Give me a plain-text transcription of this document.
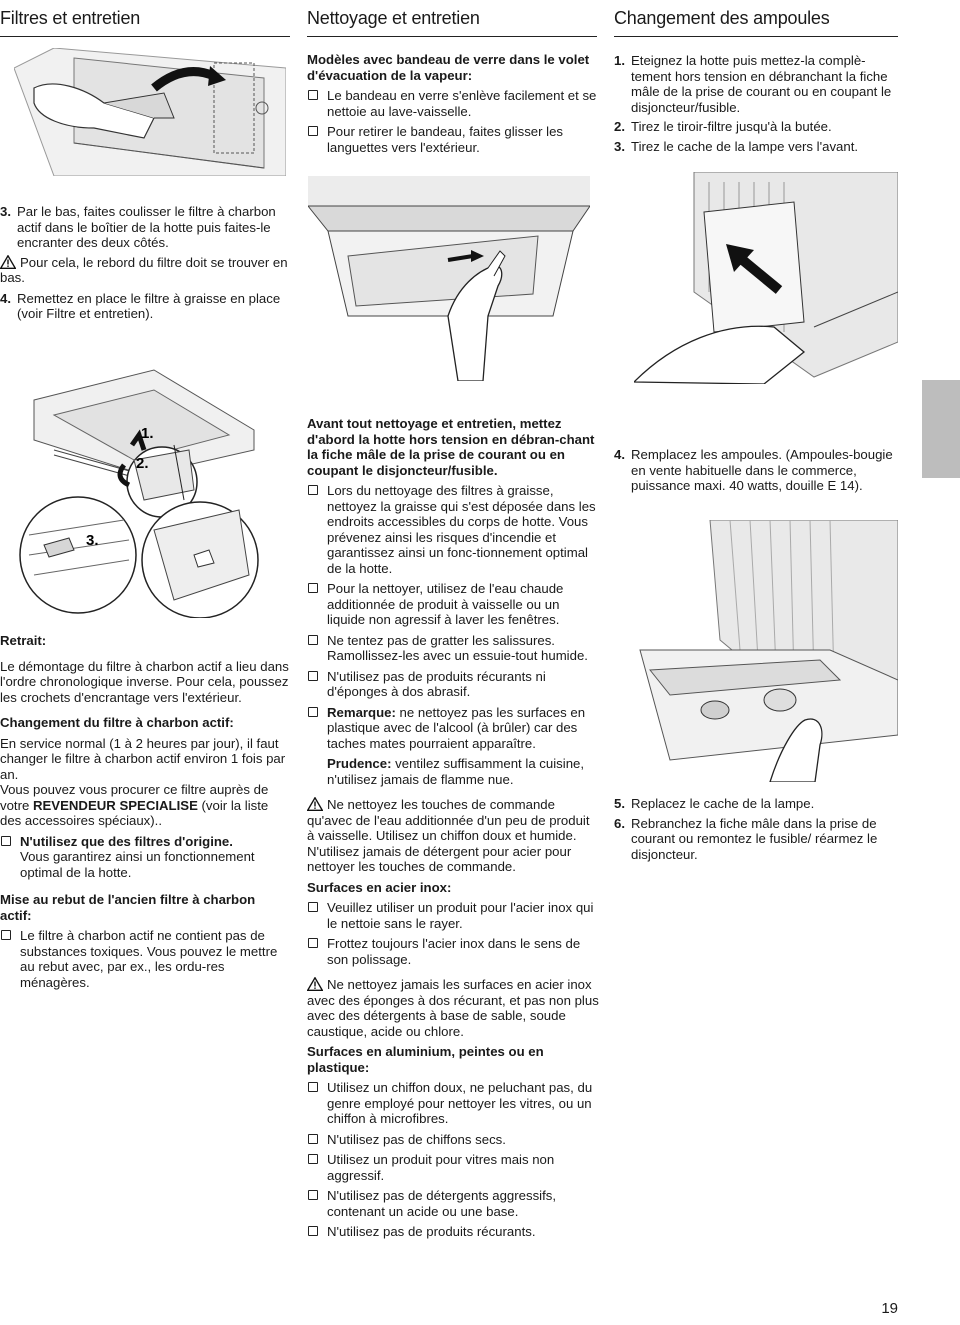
Filtres et entretien	Nettoyage et entretien	Changement des ampoules

Modèles avec bandeau de verre dans le volet d'évacuation de la vapeur:

Le bandeau en verre s'enlève facilement et se nettoie au lave-vaisselle.
Pour retirer le bandeau, faites glisser les languettes vers l'extérieur.
1. Eteignez la hotte puis mettez-la complè-tement hors tension en débranchant la fiche mâle de la prise de courant ou en coupant le disjoncteur/fusible.
2. Tirez le tiroir-filtre jusqu'à la butée.
3. Tirez le cache de la lampe vers l'avant.
3. Par le bas, faites coulisser le filtre à charbon actif dans le boîtier de la hotte puis faites-le encranter des deux côtés.

Pour cela, le rebord du filtre doit se trouver en bas.

4. Remettez en place le filtre à graisse en place (voir Filtre et entretien).
1.
2.
3.

Retrait:

Le démontage du filtre à charbon actif a lieu dans l'ordre chronologique inverse. Pour cela, poussez les crochets d'encrantage vers l'extérieur.

Changement du filtre à charbon actif:

En service normal (1 à 2 heures par jour), il faut changer le filtre à charbon actif environ 1 fois par an.

Vous pouvez vous procurer ce filtre auprès de votre REVENDEUR SPECIALISE (voir la liste des accessoires spéciaux)..

N'utilisez que des filtres d'origine.
Vous garantirez ainsi un fonctionnement optimal de la hotte.

Mise au rebut de l'ancien filtre à charbon actif:

Le filtre à charbon actif ne contient pas de substances toxiques. Vous pouvez le mettre au rebut avec, par ex., les ordu-res ménagères.

Avant tout nettoyage et entretien, mettez d'abord la hotte hors tension en débran-chant la fiche mâle de la prise de courant ou en coupant le disjoncteur/fusible.

Lors du nettoyage des filtres à graisse, nettoyez la graisse qui s'est déposée dans les endroits accessibles du corps de hotte. Vous prévenez ainsi les risques d'incendie et garantissez ainsi un fonc-tionnement optimal de la hotte.
Pour la nettoyer, utilisez de l'eau chaude additionnée de produit à vaisselle ou un liquide non agressif à laver les fenêtres.
Ne tentez pas de gratter les salissures. Ramollissez-les avec un essuie-tout humide.
N'utilisez pas de produits récurants ni d'éponges à dos abrasif.
Remarque: ne nettoyez pas les surfaces en plastique avec de l'alcool (à brûler) car des taches mates pourraient apparaître.

Prudence: ventilez suffisamment la cuisine, n'utilisez jamais de flamme nue.

Ne nettoyez les touches de commande qu'avec de l'eau additionnée d'un peu de produit à vaisselle. Utilisez un chiffon doux et humide.

N'utilisez jamais de détergent pour acier pour nettoyer les touches de commande.

Surfaces en acier inox:

Veuillez utiliser un produit pour l'acier inox qui le nettoie sans le rayer.
Frottez toujours l'acier inox dans le sens de son polissage.

Ne nettoyez jamais les surfaces en acier inox avec des éponges à dos récurant, et pas non plus avec des détergents à base de sable, soude caustique, acide ou chlore.

Surfaces en aluminium, peintes ou en plastique:

Utilisez un chiffon doux, ne peluchant pas, du genre employé pour nettoyer les vitres, ou un chiffon à microfibres.
N'utilisez pas de chiffons secs.
Utilisez un produit pour vitres mais non aggressif.
N'utilisez pas de détergents aggressifs, contenant un acide ou une base.
N'utilisez pas de produits récurants.
4. Remplacez les ampoules. (Ampoules-bougie en vente habituelle dans le commerce, puissance maxi. 40 watts, douille E 14).
5. Replacez le cache de la lampe.
6. Rebranchez la fiche mâle dans la prise de courant ou remontez le fusible/ réarmez le disjoncteur.
19
